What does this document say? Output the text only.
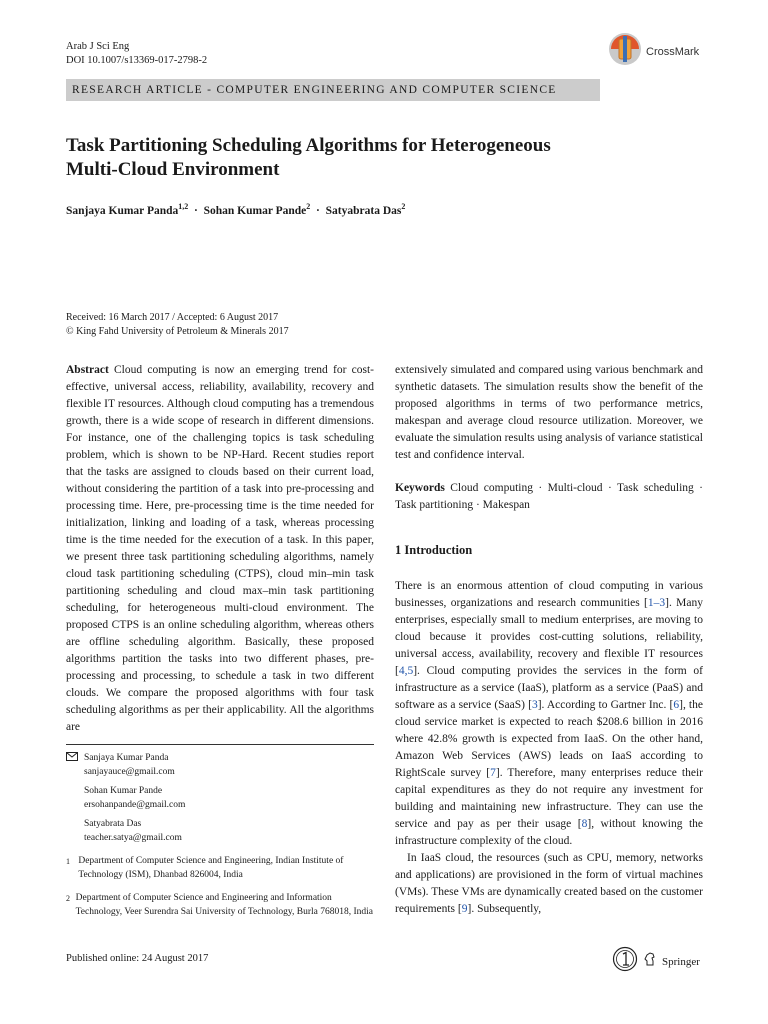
Arab J Sci Eng
DOI 10.1007/s13369-017-2798-2
CrossMark
RESEARCH ARTICLE - COMPUTER ENGINEERING AND COMPUTER SCIENCE
Task Partitioning Scheduling Algorithms for Heterogeneous
Multi-Cloud Environment
Sanjaya Kumar Panda$^{1,2}$ · Sohan Kumar Pande$^2$ · Satyabrata Das$^2$
Received: 16 March 2017 / Accepted: 6 August 2017
© King Fahd University of Petroleum & Minerals 2017

Abstract Cloud computing is now an emerging trend for cost-effective, universal access, reliability, availability, recovery and flexible IT resources. Although cloud computing has a tremendous growth, there is a wide scope of research in different dimensions. For instance, one of the challenging topics is task scheduling problem, which is shown to be NP-Hard. Recent studies report that the tasks are assigned to clouds based on their current load, without considering the partition of a task into pre-processing and processing time. Here, pre-processing time is the time needed for initialization, linking and loading of a task, whereas processing time is the time needed for the execution of a task. In this paper, we present three task partitioning scheduling algorithms, namely cloud task partitioning scheduling (CTPS), cloud min–min task partitioning scheduling and cloud max–min task partitioning scheduling, for heterogeneous multi-cloud environment. The proposed CTPS is an online scheduling algorithm, whereas others are offline scheduling algorithm. Basically, these proposed algorithms partition the tasks into two different phases, pre-processing and processing, to schedule a task in two different clouds. We compare the proposed algorithms with four task scheduling algorithms as per their applicability. All the algorithms are

Sanjaya Kumar Panda
sanjayauce@gmail.com
Sohan Kumar Pande
ersohanpande@gmail.com
Satyabrata Das
teacher.satya@gmail.com
1 Department of Computer Science and Engineering, Indian Institute of Technology (ISM), Dhanbad 826004, India
2 Department of Computer Science and Engineering and Information Technology, Veer Surendra Sai University of Technology, Burla 768018, India

extensively simulated and compared using various benchmark and synthetic datasets. The simulation results show the benefit of the proposed algorithms in terms of two performance metrics, makespan and average cloud resource utilization. Moreover, we evaluate the simulation results using analysis of variance statistical test and confidence interval.

Keywords Cloud computing · Multi-cloud · Task scheduling · Task partitioning · Makespan

1 Introduction

There is an enormous attention of cloud computing in various businesses, organizations and research communities [1–3]. Many enterprises, especially small to medium enterprises, are moving to cloud because it provides cost-cutting solutions, reliability, universal access, availability, recovery and flexible IT resources [4,5]. Cloud computing provides the services in the form of infrastructure as a service (IaaS), platform as a service (PaaS) and software as a service (SaaS) [3]. According to Gartner Inc. [6], the cloud service market is expected to reach $208.6 billion in 2016 where 42.8% growth is expected from IaaS. On the other hand, Amazon Web Services (AWS) leads on IaaS according to RightScale survey [7]. Therefore, many enterprises reduce their capital expenditures as they do not require any investment for building and maintaining new infrastructure. They can use the service and pay as per their usage [8], without knowing the infrastructure complexity of the cloud.

In IaaS cloud, the resources (such as CPU, memory, networks and applications) are provisioned in the form of virtual machines (VMs). These VMs are dynamically created based on the customer requirements [9]. Subsequently,

Published online: 24 August 2017	Springer
